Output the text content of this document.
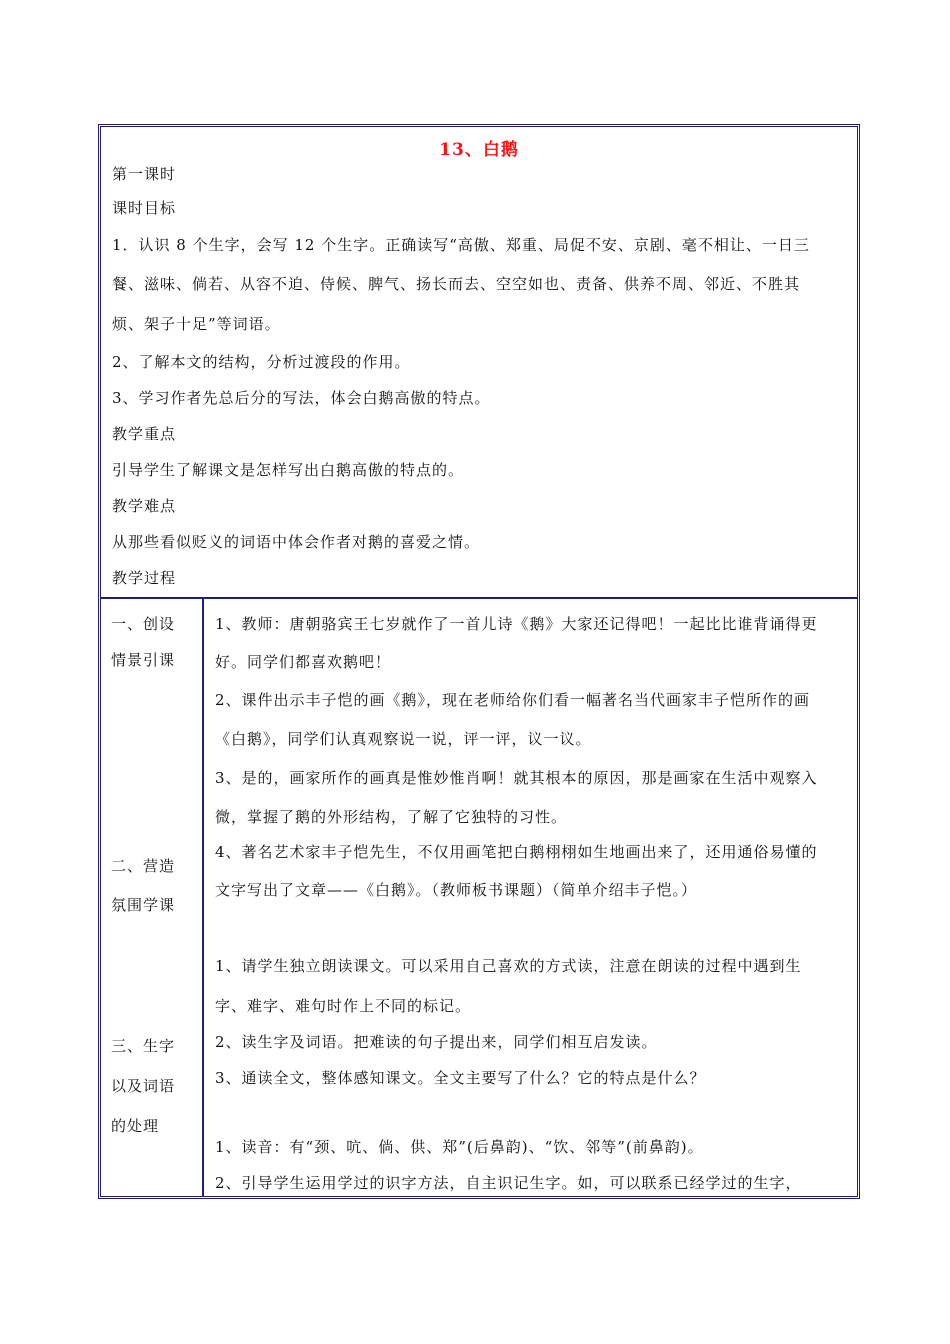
13、白鹅
第一课时
课时目标
1．认识 8 个生字，会写 12 个生字。正确读写“高傲、郑重、局促不安、京剧、毫不相让、一日三
餐、滋味、倘若、从容不迫、侍候、脾气、扬长而去、空空如也、责备、供养不周、邻近、不胜其
烦、架子十足”等词语。
2、了解本文的结构，分析过渡段的作用。
3、学习作者先总后分的写法，体会白鹅高傲的特点。
教学重点
引导学生了解课文是怎样写出白鹅高傲的特点的。
教学难点
从那些看似贬义的词语中体会作者对鹅的喜爱之情。
教学过程
一、创设
情景引课
二、营造
氛围学课
三、生字
以及词语
的处理
1、教师：唐朝骆宾王七岁就作了一首儿诗《鹅》大家还记得吧！一起比比谁背诵得更
好。同学们都喜欢鹅吧！
2、课件出示丰子恺的画《鹅》，现在老师给你们看一幅著名当代画家丰子恺所作的画
《白鹅》，同学们认真观察说一说，评一评，议一议。
3、是的，画家所作的画真是惟妙惟肖啊！就其根本的原因，那是画家在生活中观察入
微，掌握了鹅的外形结构，了解了它独特的习性。
4、著名艺术家丰子恺先生，不仅用画笔把白鹅栩栩如生地画出来了，还用通俗易懂的
文字写出了文章——《白鹅》。（教师板书课题）（简单介绍丰子恺。）
1、请学生独立朗读课文。可以采用自己喜欢的方式读，注意在朗读的过程中遇到生
字、难字、难句时作上不同的标记。
2、读生字及词语。把难读的句子提出来，同学们相互启发读。
3、通读全文，整体感知课文。全文主要写了什么？它的特点是什么？
1、读音：有“颈、吭、倘、供、郑”(后鼻韵)、“饮、邻等”(前鼻韵)。
2、引导学生运用学过的识字方法，自主识记生字。如，可以联系已经学过的生字，
